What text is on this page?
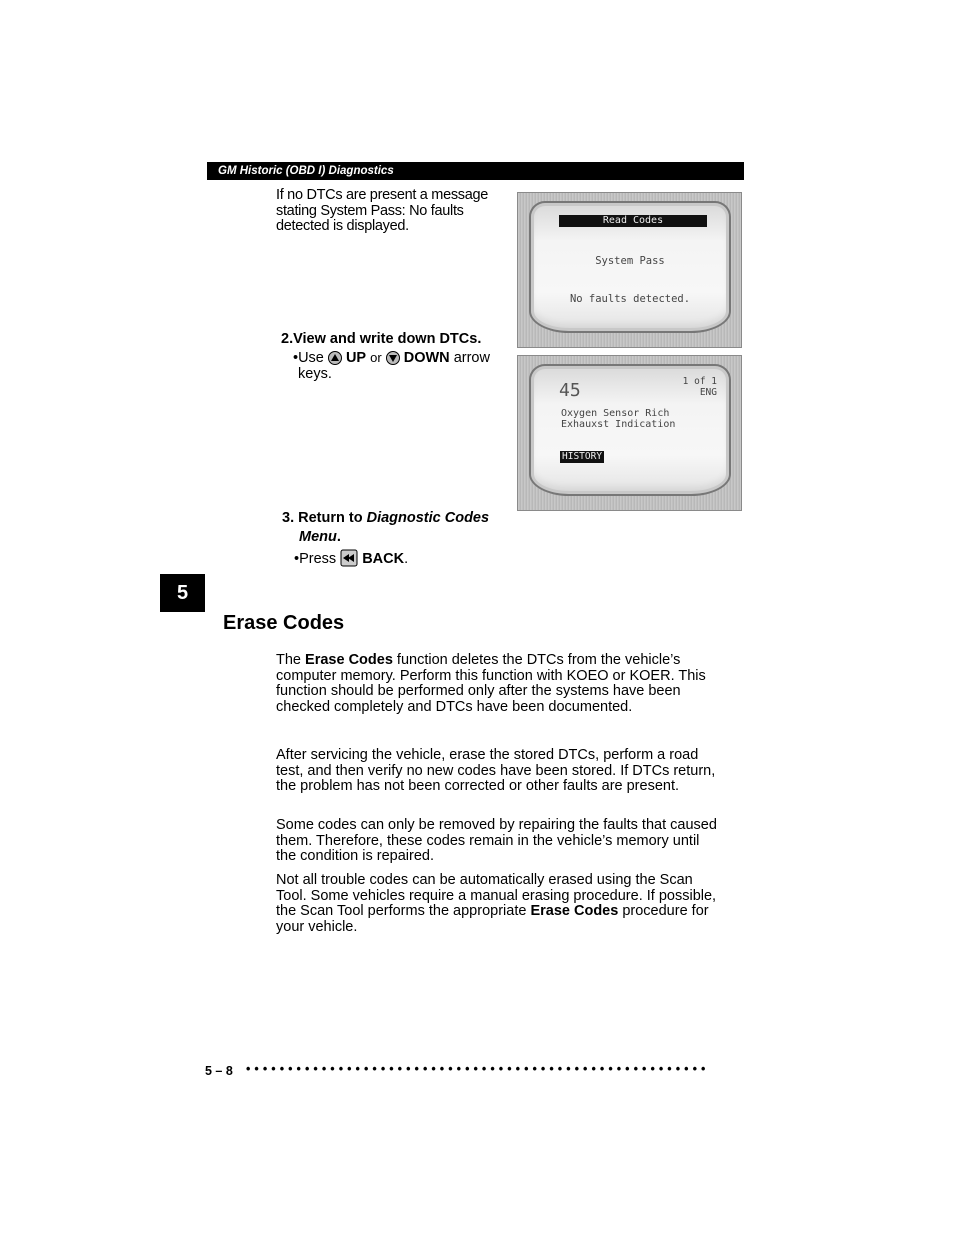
GM Historic (OBD I) Diagnostics
If no DTCs are present a message stating System Pass: No faults detected is displayed.	Read Codes
System Pass
No faults detected.
2.View and write down DTCs.
•Use UP or DOWN arrow
keys.
45	1 of 1
ENG
Oxygen Sensor Rich
Exhauxst Indication
HISTORY
3. Return to Diagnostic Codes
Menu.
•Press BACK.
5
Erase Codes
The Erase Codes function deletes the DTCs from the vehicle’s computer memory. Perform this function with KOEO or KOER. This function should be performed only after the systems have been checked completely and DTCs have been documented.
After servicing the vehicle, erase the stored DTCs, perform a road test, and then verify no new codes have been stored. If DTCs return, the problem has not been corrected or other faults are present.
Some codes can only be removed by repairing the faults that caused them. Therefore, these codes remain in the vehicle’s memory until the condition is repaired.
Not all trouble codes can be automatically erased using the Scan Tool. Some vehicles require a manual erasing procedure. If possible, the Scan Tool performs the appropriate Erase Codes procedure for your vehicle.
5 – 8 •••••••••••••••••••••••••••••••••••••••••••••••••••••••
